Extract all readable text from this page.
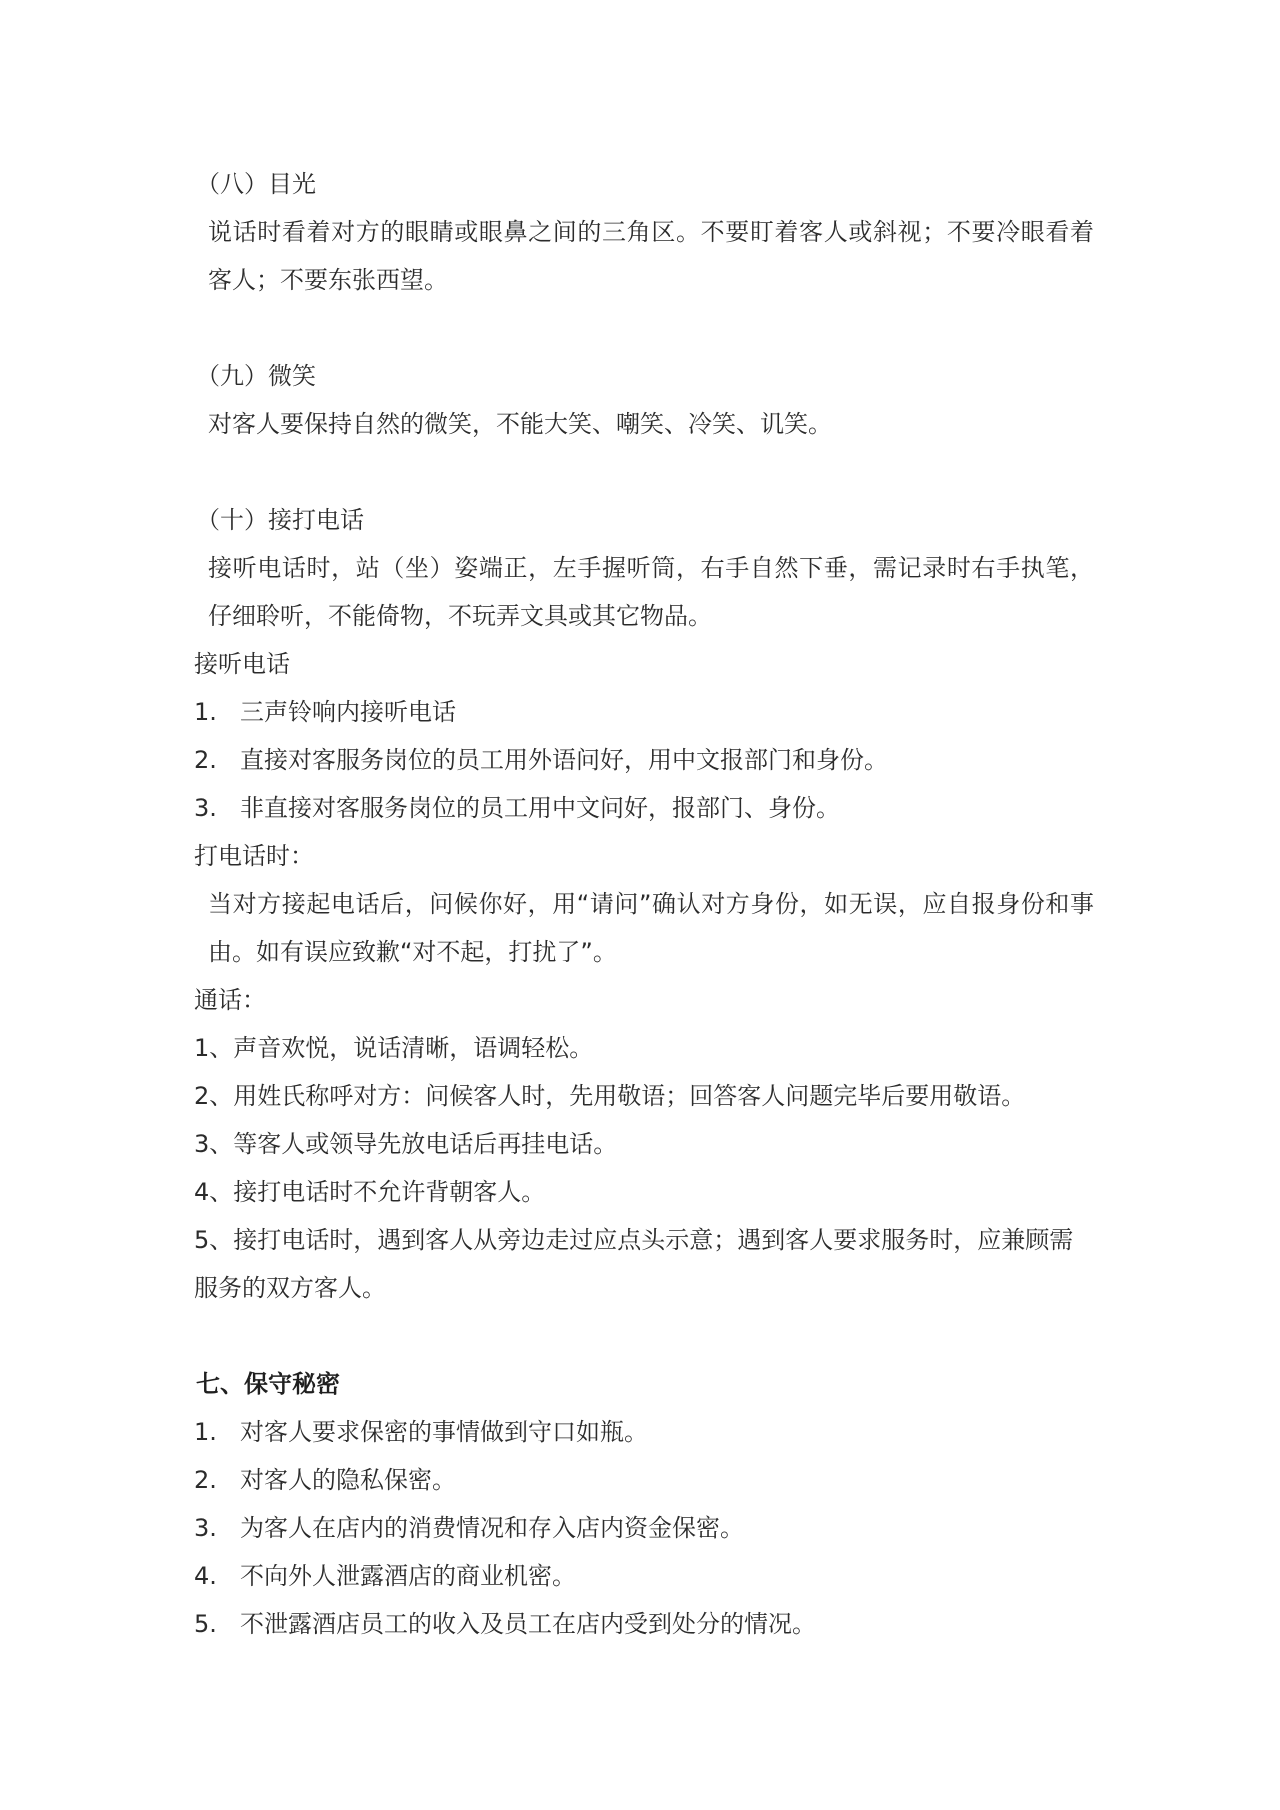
（八）目光

说话时看着对方的眼睛或眼鼻之间的三角区。不要盯着客人或斜视；不要冷眼看着客人；不要东张西望。

（九）微笑

对客人要保持自然的微笑，不能大笑、嘲笑、冷笑、讥笑。

（十）接打电话

接听电话时，站（坐）姿端正，左手握听筒，右手自然下垂，需记录时右手执笔，仔细聆听，不能倚物，不玩弄文具或其它物品。

接听电话

1. 三声铃响内接听电话
2. 直接对客服务岗位的员工用外语问好，用中文报部门和身份。
3. 非直接对客服务岗位的员工用中文问好，报部门、身份。

打电话时：

当对方接起电话后，问候你好，用“请问”确认对方身份，如无误，应自报身份和事由。如有误应致歉“对不起，打扰了”。

通话：

1、声音欢悦，说话清晰，语调轻松。

2、用姓氏称呼对方：问候客人时，先用敬语；回答客人问题完毕后要用敬语。

3、等客人或领导先放电话后再挂电话。

4、接打电话时不允许背朝客人。

5、接打电话时，遇到客人从旁边走过应点头示意；遇到客人要求服务时，应兼顾需服务的双方客人。

七、保守秘密

1. 对客人要求保密的事情做到守口如瓶。
2. 对客人的隐私保密。
3. 为客人在店内的消费情况和存入店内资金保密。
4. 不向外人泄露酒店的商业机密。
5. 不泄露酒店员工的收入及员工在店内受到处分的情况。
